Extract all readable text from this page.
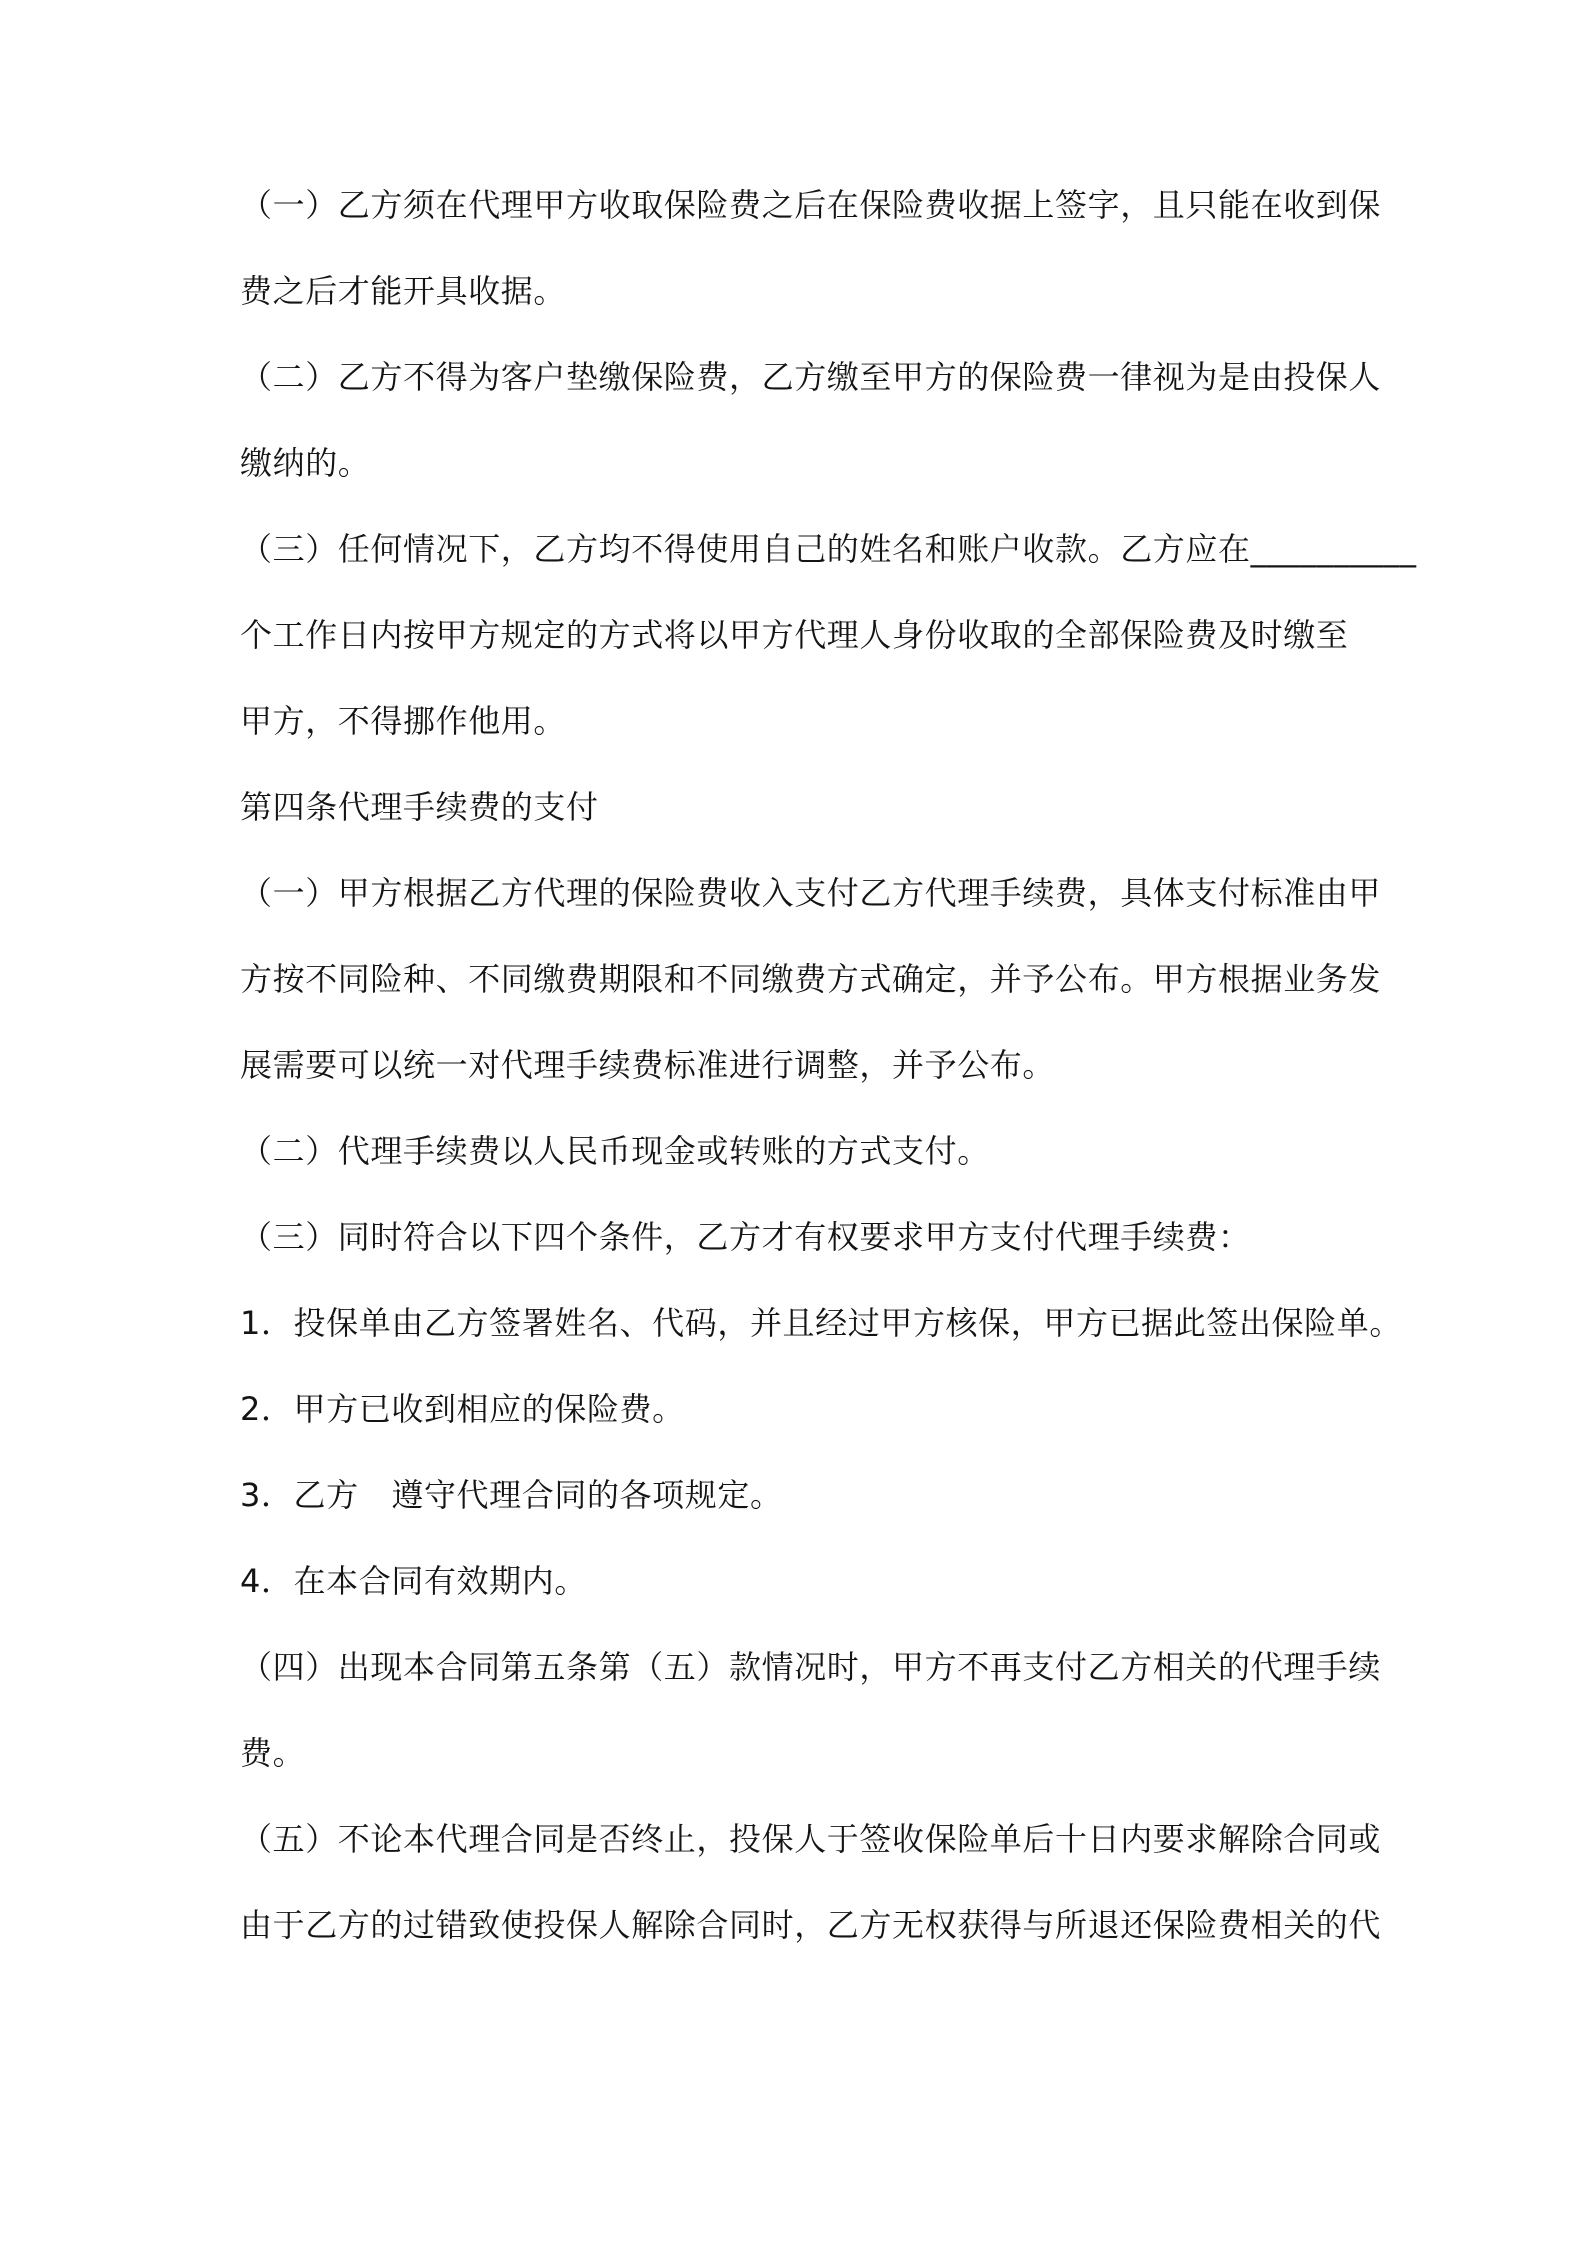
（一）乙方须在代理甲方收取保险费之后在保险费收据上签字，且只能在收到保
费之后才能开具收据。
（二）乙方不得为客户垫缴保险费，乙方缴至甲方的保险费一律视为是由投保人
缴纳的。
（三）任何情况下，乙方均不得使用自己的姓名和账户收款。乙方应在__________
个工作日内按甲方规定的方式将以甲方代理人身份收取的全部保险费及时缴至
甲方，不得挪作他用。
第四条代理手续费的支付
（一）甲方根据乙方代理的保险费收入支付乙方代理手续费，具体支付标准由甲
方按不同险种、不同缴费期限和不同缴费方式确定，并予公布。甲方根据业务发
展需要可以统一对代理手续费标准进行调整，并予公布。
（二）代理手续费以人民币现金或转账的方式支付。
（三）同时符合以下四个条件，乙方才有权要求甲方支付代理手续费：
1．投保单由乙方签署姓名、代码，并且经过甲方核保，甲方已据此签出保险单。
2．甲方已收到相应的保险费。
3．乙方　遵守代理合同的各项规定。
4．在本合同有效期内。
（四）出现本合同第五条第（五）款情况时，甲方不再支付乙方相关的代理手续
费。
（五）不论本代理合同是否终止，投保人于签收保险单后十日内要求解除合同或
由于乙方的过错致使投保人解除合同时，乙方无权获得与所退还保险费相关的代
